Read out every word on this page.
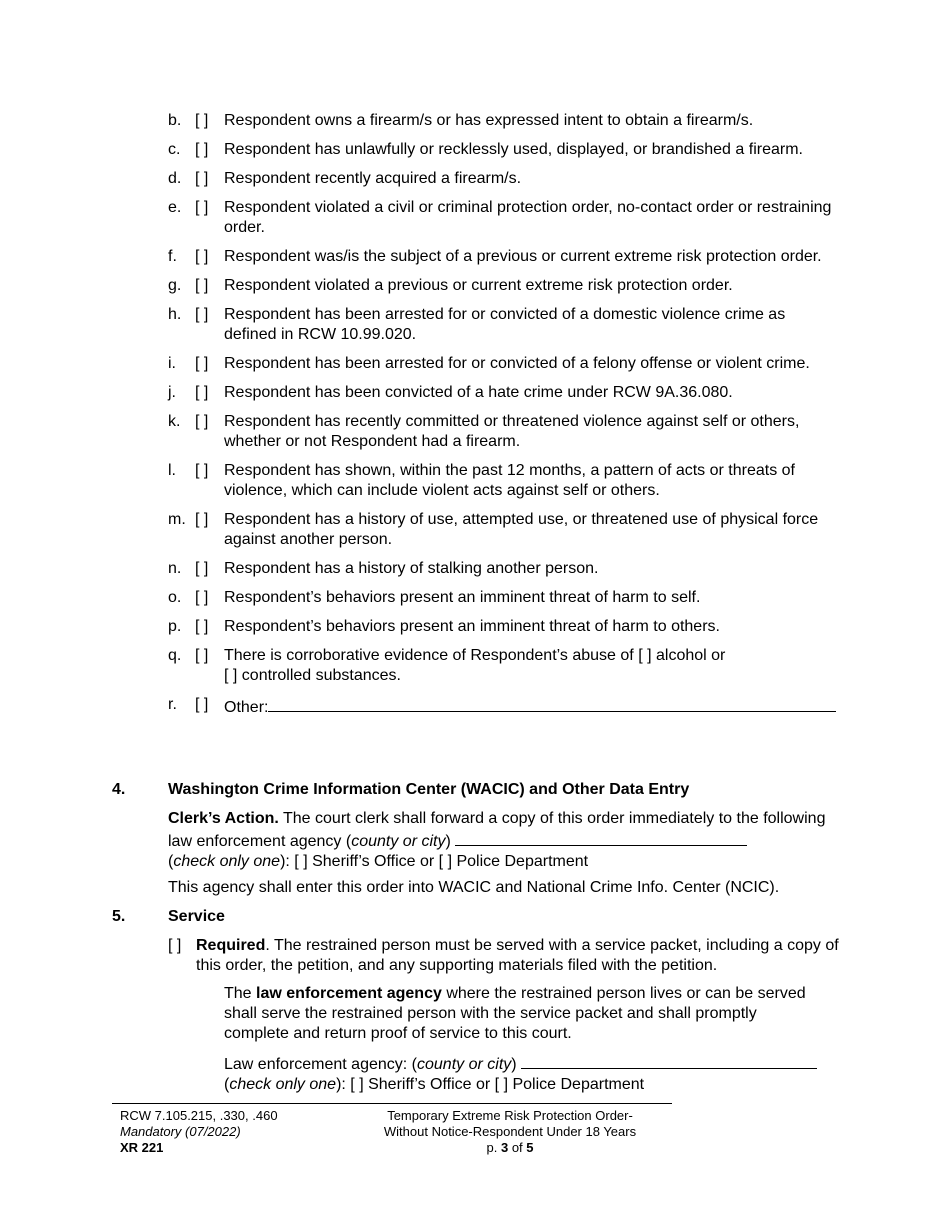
b. [ ] Respondent owns a firearm/s or has expressed intent to obtain a firearm/s.
c. [ ] Respondent has unlawfully or recklessly used, displayed, or brandished a firearm.
d. [ ] Respondent recently acquired a firearm/s.
e. [ ] Respondent violated a civil or criminal protection order, no-contact order or restraining order.
f. [ ] Respondent was/is the subject of a previous or current extreme risk protection order.
g. [ ] Respondent violated a previous or current extreme risk protection order.
h. [ ] Respondent has been arrested for or convicted of a domestic violence crime as defined in RCW 10.99.020.
i. [ ] Respondent has been arrested for or convicted of a felony offense or violent crime.
j. [ ] Respondent has been convicted of a hate crime under RCW 9A.36.080.
k. [ ] Respondent has recently committed or threatened violence against self or others, whether or not Respondent had a firearm.
l. [ ] Respondent has shown, within the past 12 months, a pattern of acts or threats of violence, which can include violent acts against self or others.
m. [ ] Respondent has a history of use, attempted use, or threatened use of physical force against another person.
n. [ ] Respondent has a history of stalking another person.
o. [ ] Respondent’s behaviors present an imminent threat of harm to self.
p. [ ] Respondent’s behaviors present an imminent threat of harm to others.
q. [ ] There is corroborative evidence of Respondent’s abuse of [ ] alcohol or
[ ] controlled substances.
r. [ ] Other:
4.	Washington Crime Information Center (WACIC) and Other Data Entry
Clerk’s Action. The court clerk shall forward a copy of this order immediately to the following law enforcement agency (county or city)
(check only one): [ ] Sheriff’s Office or [ ] Police Department
This agency shall enter this order into WACIC and National Crime Info. Center (NCIC).
5.	Service
[ ] Required. The restrained person must be served with a service packet, including a copy of this order, the petition, and any supporting materials filed with the petition.
The law enforcement agency where the restrained person lives or can be served shall serve the restrained person with the service packet and shall promptly complete and return proof of service to this court.
Law enforcement agency: (county or city)
(check only one): [ ] Sheriff’s Office or [ ] Police Department
RCW 7.105.215, .330, .460
Mandatory (07/2022)
XR 221
Temporary Extreme Risk Protection Order-
Without Notice-Respondent Under 18 Years
p. 3 of 5
